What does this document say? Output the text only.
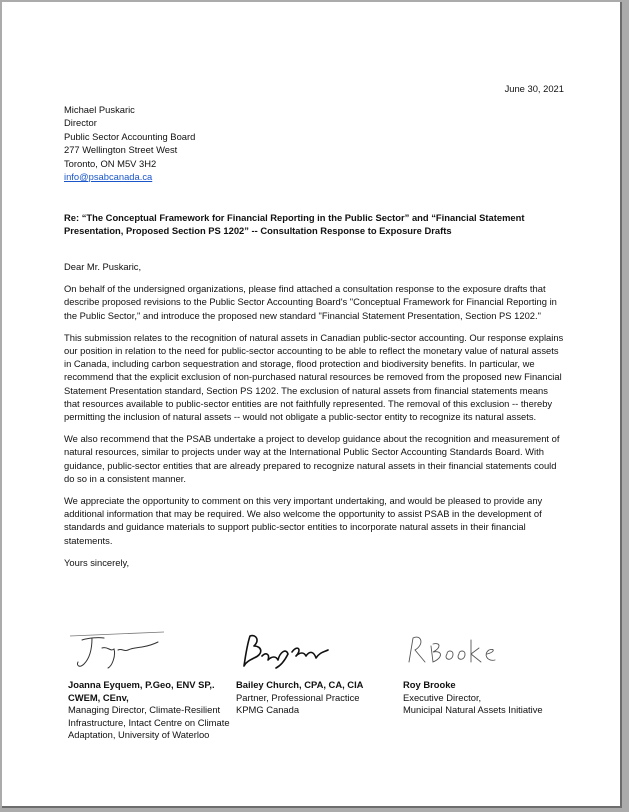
June 30, 2021
Michael Puskaric
Director
Public Sector Accounting Board
277 Wellington Street West
Toronto, ON M5V 3H2
info@psabcanada.ca
Re: “The Conceptual Framework for Financial Reporting in the Public Sector” and “Financial Statement Presentation, Proposed Section PS 1202” -- Consultation Response to Exposure Drafts

Dear Mr. Puskaric,

On behalf of the undersigned organizations, please find attached a consultation response to the exposure drafts that describe proposed revisions to the Public Sector Accounting Board's "Conceptual Framework for Financial Reporting in the Public Sector," and introduce the proposed new standard "Financial Statement Presentation, Section PS 1202."

This submission relates to the recognition of natural assets in Canadian public-sector accounting. Our response explains our position in relation to the need for public-sector accounting to be able to reflect the monetary value of natural assets in Canada, including carbon sequestration and storage, flood protection and biodiversity benefits. In particular, we recommend that the explicit exclusion of non-purchased natural resources be removed from the proposed new Financial Statement Presentation standard, Section PS 1202. The exclusion of natural assets from financial statements means that resources available to public-sector entities are not faithfully represented. The removal of this exclusion -- thereby permitting the inclusion of natural assets -- would not obligate a public-sector entity to recognize its natural assets.

We also recommend that the PSAB undertake a project to develop guidance about the recognition and measurement of natural resources, similar to projects under way at the International Public Sector Accounting Standards Board. With guidance, public-sector entities that are already prepared to recognize natural assets in their financial statements could do so in a consistent manner.

We appreciate the opportunity to comment on this very important undertaking, and would be pleased to provide any additional information that may be required. We also welcome the opportunity to assist PSAB in the development of standards and guidance materials to support public-sector entities to incorporate natural assets in their financial statements.

Yours sincerely,

Joanna Eyquem, P.Geo, ENV SP,.
CWEM, CEnv,
Managing Director, Climate-Resilient
Infrastructure, Intact Centre on Climate
Adaptation, University of Waterloo
Bailey Church, CPA, CA, CIA
Partner, Professional Practice
KPMG Canada
Roy Brooke
Executive Director,
Municipal Natural Assets Initiative
